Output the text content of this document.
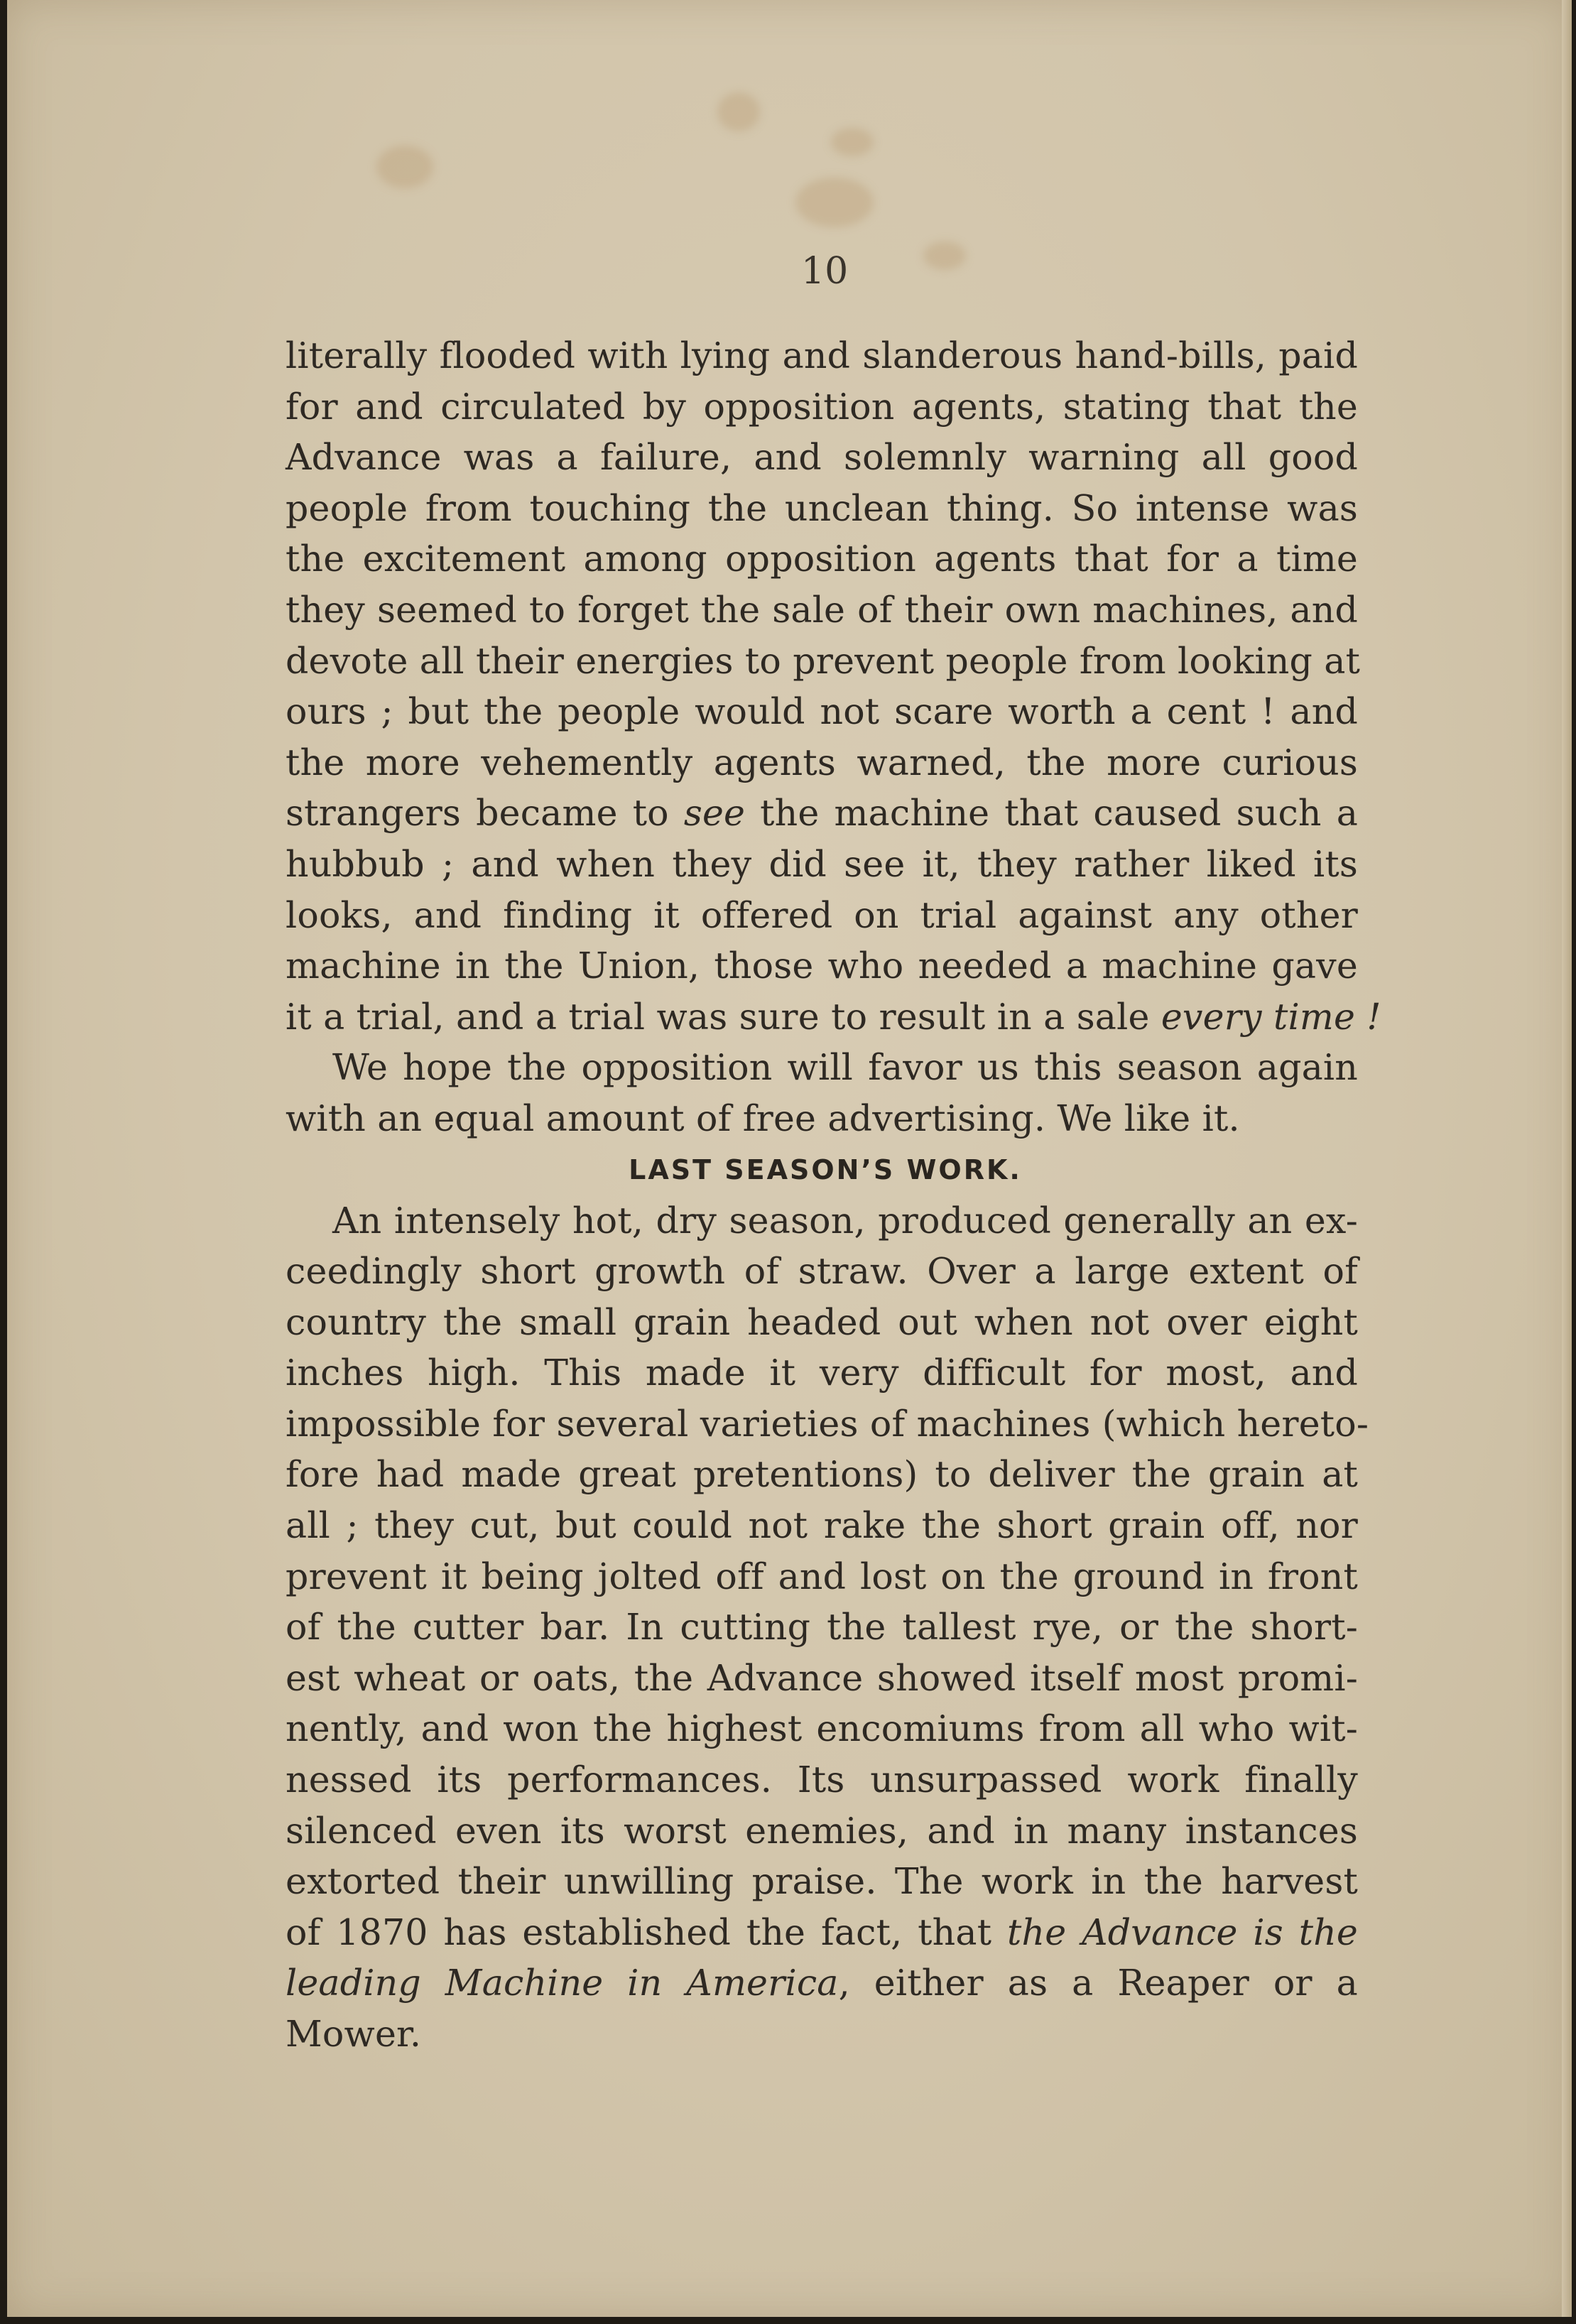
10
literally flooded with lying and slanderous hand-bills, paid
for and circulated by opposition agents, stating that the
Advance was a failure, and solemnly warning all good
people from touching the unclean thing. So intense was
the excitement among opposition agents that for a time
they seemed to forget the sale of their own machines, and
devote all their energies to prevent people from looking at
ours ; but the people would not scare worth a cent ! and
the more vehemently agents warned, the more curious
strangers became to see the machine that caused such a
hubbub ; and when they did see it, they rather liked its
looks, and finding it offered on trial against any other
machine in the Union, those who needed a machine gave
it a trial, and a trial was sure to result in a sale every time !
We hope the opposition will favor us this season again
with an equal amount of free advertising. We like it.
LAST SEASON’S WORK.
An intensely hot, dry season, produced generally an ex-
ceedingly short growth of straw. Over a large extent of
country the small grain headed out when not over eight
inches high. This made it very difficult for most, and
impossible for several varieties of machines (which hereto-
fore had made great pretentions) to deliver the grain at
all ; they cut, but could not rake the short grain off, nor
prevent it being jolted off and lost on the ground in front
of the cutter bar. In cutting the tallest rye, or the short-
est wheat or oats, the Advance showed itself most promi-
nently, and won the highest encomiums from all who wit-
nessed its performances. Its unsurpassed work finally
silenced even its worst enemies, and in many instances
extorted their unwilling praise. The work in the harvest
of 1870 has established the fact, that the Advance is the
leading Machine in America, either as a Reaper or a
Mower.
